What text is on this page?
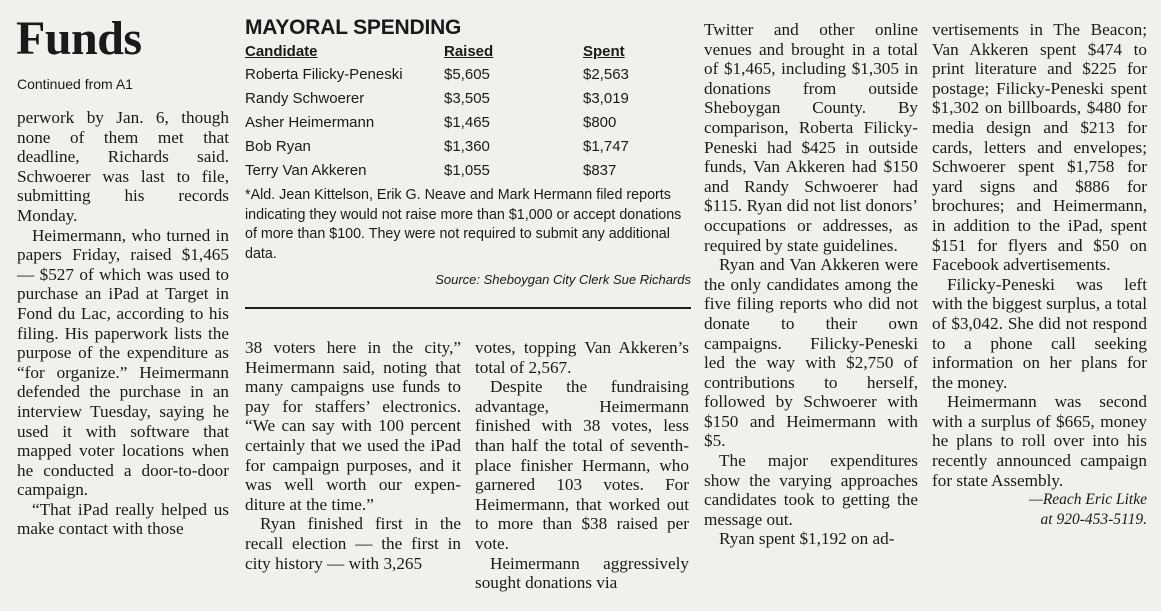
Funds
Continued from A1

perwork by Jan. 6, though none of them met that deadline, Richards said. Schwoerer was last to file, submitting his records Monday.

Heimermann, who turned in papers Friday, raised $1,465 — $527 of which was used to purchase an iPad at Target in Fond du Lac, according to his filing. His paperwork lists the purpose of the expenditure as “for organize.” Heimermann defended the purchase in an interview Tuesday, saying he used it with software that mapped voter locations when he conducted a door-to-door campaign.

“That iPad really helped us make contact with those

MAYORAL SPENDING
Candidate	Raised	Spent
Roberta Filicky-Peneski	$5,605	$2,563
Randy Schwoerer	$3,505	$3,019
Asher Heimermann	$1,465	$800
Bob Ryan	$1,360	$1,747
Terry Van Akkeren	$1,055	$837
*Ald. Jean Kittelson, Erik G. Neave and Mark Hermann filed reports indicating they would not raise more than $1,000 or accept donations of more than $100. They were not required to submit any additional data.
Source: Sheboygan City Clerk Sue Richards

38 voters here in the city,” Heimermann said, noting that many campaigns use funds to pay for staffers’ electronics. “We can say with 100 percent certainly that we used the iPad for campaign purposes, and it was well worth our expenditure at the time.”

Ryan finished first in the recall election — the first in city history — with 3,265

votes, topping Van Akkeren’s total of 2,567.

Despite the fundraising advantage, Heimermann finished with 38 votes, less than half the total of seventh-place finisher Hermann, who garnered 103 votes. For Heimermann, that worked out to more than $38 raised per vote.

Heimermann aggressively sought donations via

Twitter and other online venues and brought in a total of $1,465, including $1,305 in donations from outside Sheboygan County. By comparison, Roberta Filicky-Peneski had $425 in outside funds, Van Akkeren had $150 and Randy Schwoerer had $115. Ryan did not list donors’ occupations or addresses, as required by state guidelines.

Ryan and Van Akkeren were the only candidates among the five filing reports who did not donate to their own campaigns. Filicky-Peneski led the way with $2,750 of contributions to herself, followed by Schwoerer with $150 and Heimermann with $5.

The major expenditures show the varying approaches candidates took to getting the message out.

Ryan spent $1,192 on ad-

vertisements in The Beacon; Van Akkeren spent $474 to print literature and $225 for postage; Filicky-Peneski spent $1,302 on billboards, $480 for media design and $213 for cards, letters and envelopes; Schwoerer spent $1,758 for yard signs and $886 for brochures; and Heimermann, in addition to the iPad, spent $151 for flyers and $50 on Facebook advertisements.

Filicky-Peneski was left with the biggest surplus, a total of $3,042. She did not respond to a phone call seeking information on her plans for the money.

Heimermann was second with a surplus of $665, money he plans to roll over into his recently announced campaign for state Assembly.

—Reach Eric Litke
at 920-453-5119.
